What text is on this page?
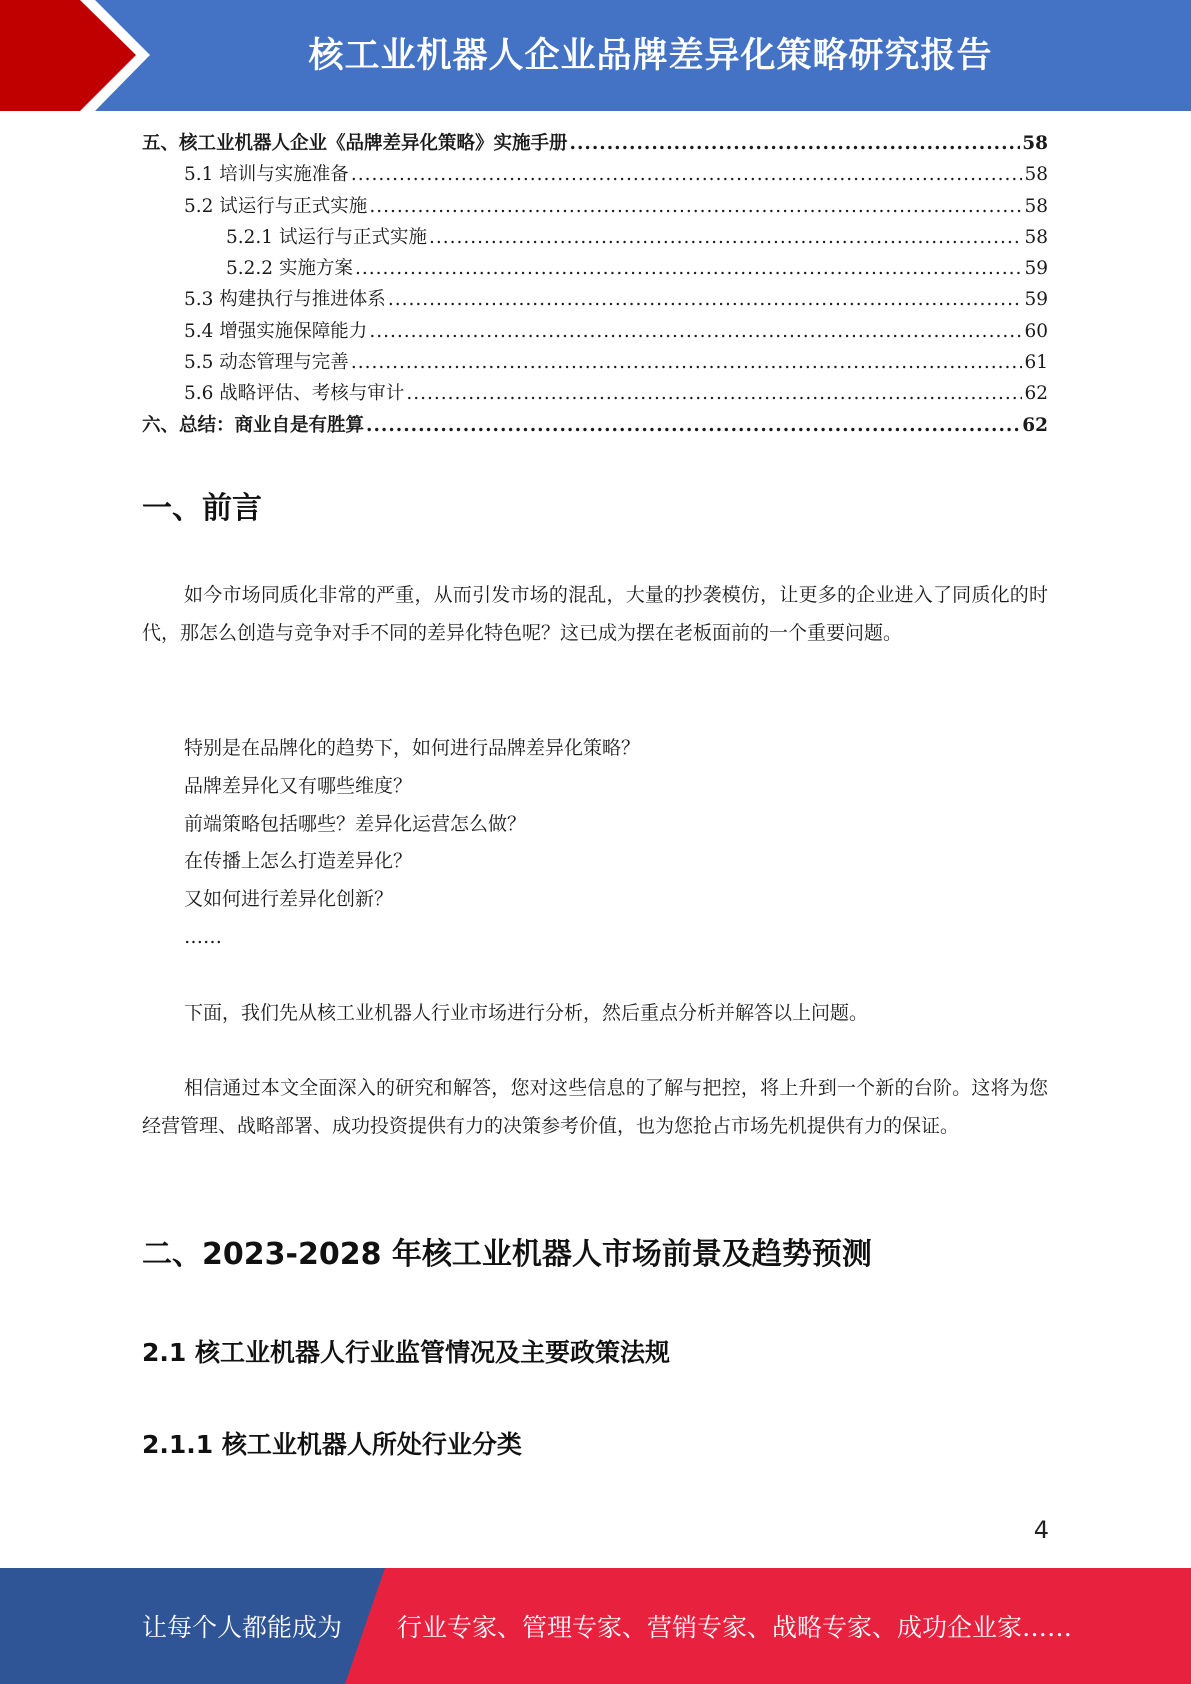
核工业机器人企业品牌差异化策略研究报告
五、核工业机器人企业《品牌差异化策略》实施手册 .....	58
5.1 培训与实施准备 .....	58
5.2 试运行与正式实施 .....	58
5.2.1 试运行与正式实施 .....	58
5.2.2 实施方案 .....	59
5.3 构建执行与推进体系 .....	59
5.4 增强实施保障能力 .....	60
5.5 动态管理与完善 .....	61
5.6 战略评估、考核与审计 .....	62
六、总结：商业自是有胜算 .....	62
一、前言

如今市场同质化非常的严重，从而引发市场的混乱，大量的抄袭模仿，让更多的企业进入了同质化的时代，那怎么创造与竞争对手不同的差异化特色呢？这已成为摆在老板面前的一个重要问题。

特别是在品牌化的趋势下，如何进行品牌差异化策略？
品牌差异化又有哪些维度？
前端策略包括哪些？差异化运营怎么做？
在传播上怎么打造差异化？
又如何进行差异化创新？
……

下面，我们先从核工业机器人行业市场进行分析，然后重点分析并解答以上问题。

相信通过本文全面深入的研究和解答，您对这些信息的了解与把控，将上升到一个新的台阶。这将为您经营管理、战略部署、成功投资提供有力的决策参考价值，也为您抢占市场先机提供有力的保证。

二、2023-2028 年核工业机器人市场前景及趋势预测
2.1 核工业机器人行业监管情况及主要政策法规
2.1.1 核工业机器人所处行业分类
4
让每个人都能成为 行业专家、管理专家、营销专家、战略专家、成功企业家……
